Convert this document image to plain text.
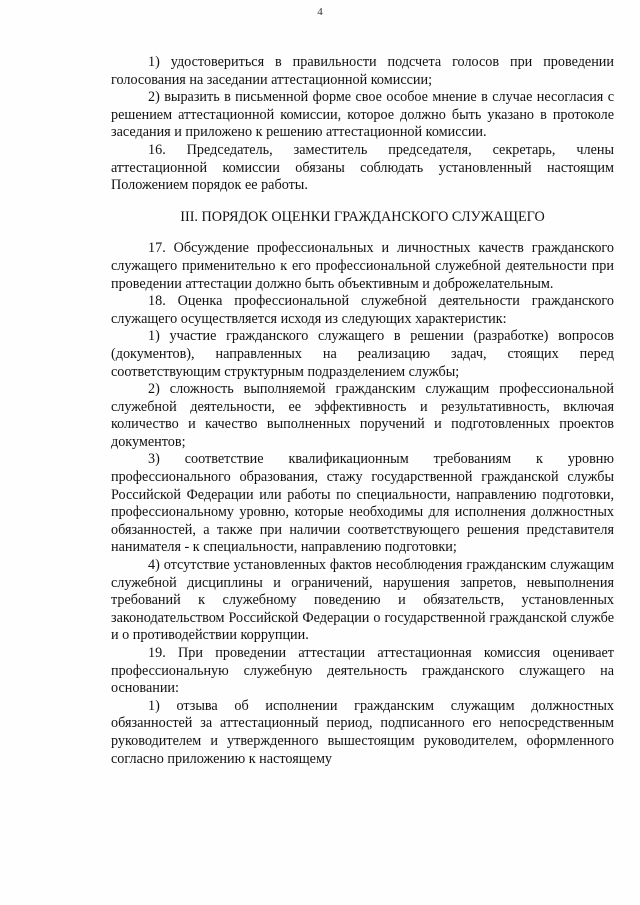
4

1) удостовериться в правильности подсчета голосов при проведении голосования на заседании аттестационной комиссии;

2) выразить в письменной форме свое особое мнение в случае несогласия с решением аттестационной комиссии, которое должно быть указано в протоколе заседания и приложено к решению аттестационной комиссии.

16. Председатель, заместитель председателя, секретарь, члены аттестационной комиссии обязаны соблюдать установленный настоящим Положением порядок ее работы.

III. ПОРЯДОК ОЦЕНКИ ГРАЖДАНСКОГО СЛУЖАЩЕГО

17. Обсуждение профессиональных и личностных качеств гражданского служащего применительно к его профессиональной служебной деятельности при проведении аттестации должно быть объективным и доброжелательным.

18. Оценка профессиональной служебной деятельности гражданского служащего осуществляется исходя из следующих характеристик:

1) участие гражданского служащего в решении (разработке) вопросов (документов), направленных на реализацию задач, стоящих перед соответствующим структурным подразделением службы;

2) сложность выполняемой гражданским служащим профессиональной служебной деятельности, ее эффективность и результативность, включая количество и качество выполненных поручений и подготовленных проектов документов;

3) соответствие квалификационным требованиям к уровню профессионального образования, стажу государственной гражданской службы Российской Федерации или работы по специальности, направлению подготовки, профессиональному уровню, которые необходимы для исполнения должностных обязанностей, а также при наличии соответствующего решения представителя нанимателя - к специальности, направлению подготовки;

4) отсутствие установленных фактов несоблюдения гражданским служащим служебной дисциплины и ограничений, нарушения запретов, невыполнения требований к служебному поведению и обязательств, установленных законодательством Российской Федерации о государственной гражданской службе и о противодействии коррупции.

19. При проведении аттестации аттестационная комиссия оценивает профессиональную служебную деятельность гражданского служащего на основании:

1) отзыва об исполнении гражданским служащим должностных обязанностей за аттестационный период, подписанного его непосредственным руководителем и утвержденного вышестоящим руководителем, оформленного согласно приложению к настоящему
